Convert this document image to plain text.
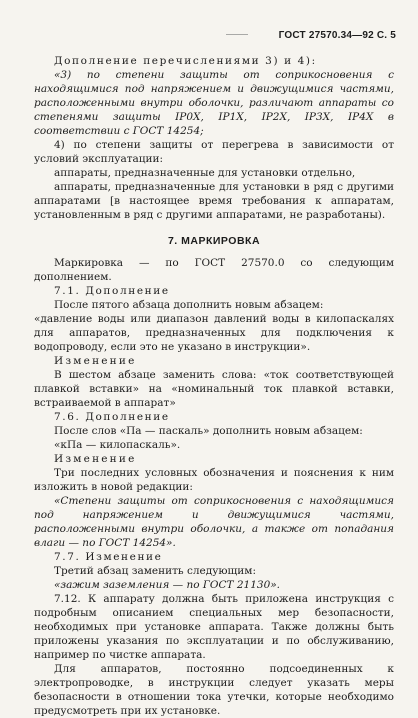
ГОСТ 27570.34—92 С. 5

Дополнение перечислениями 3) и 4):

«3) по степени защиты от соприкосновения с находящимися под напряжением и движущимися частями, расположенными внутри оболочки, различают аппараты со степенями защиты IP0X, IP1X, IP2X, IP3X, IP4X в соответствии с ГОСТ 14254;

4) по степени защиты от перегрева в зависимости от условий эксплуатации:

аппараты, предназначенные для установки отдельно,

аппараты, предназначенные для установки в ряд с другими аппаратами [в настоящее время требования к аппаратам, установленным в ряд с другими аппаратами, не разработаны).

7. МАРКИРОВКА

Маркировка — по ГОСТ 27570.0 со следующим дополнением.

7.1. Дополнение

После пятого абзаца дополнить новым абзацем:

«давление воды или диапазон давлений воды в килопаскалях для аппаратов, предназначенных для подключения к водопроводу, если это не указано в инструкции».

Изменение

В шестом абзаце заменить слова: «ток соответствующей плавкой вставки» на «номинальный ток плавкой вставки, встраиваемой в аппарат»

7.6. Дополнение

После слов «Па — паскаль» дополнить новым абзацем:

«кПа — килопаскаль».

Изменение

Три последних условных обозначения и пояснения к ним изложить в новой редакции:

«Степени защиты от соприкосновения с находящимися под напряжением и движущимися частями, расположенными внутри оболочки, а также от попадания влаги — по ГОСТ 14254».

7.7. Изменение

Третий абзац заменить следующим:

«зажим заземления — по ГОСТ 21130».

7.12. К аппарату должна быть приложена инструкция с подробным описанием специальных мер безопасности, необходимых при установке аппарата. Также должны быть приложены указания по эксплуатации и по обслуживанию, например по чистке аппарата.

Для аппаратов, постоянно подсоединенных к электропроводке, в инструкции следует указать меры безопасности в отношении тока утечки, которые необходимо предусмотреть при их установке.
